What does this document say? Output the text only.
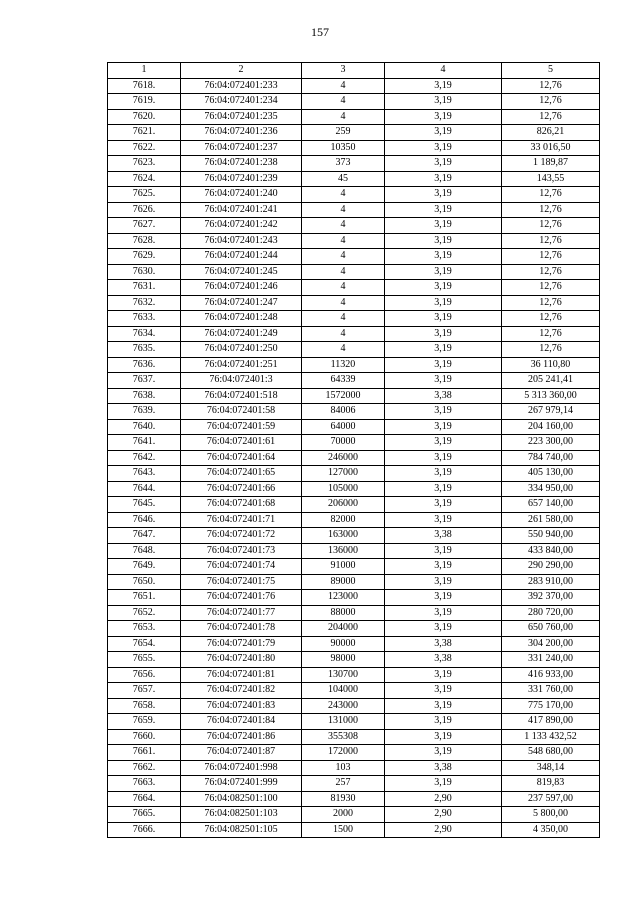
157
1	2	3	4	5
7618.	76:04:072401:233	4	3,19	12,76
7619.	76:04:072401:234	4	3,19	12,76
7620.	76:04:072401:235	4	3,19	12,76
7621.	76:04:072401:236	259	3,19	826,21
7622.	76:04:072401:237	10350	3,19	33 016,50
7623.	76:04:072401:238	373	3,19	1 189,87
7624.	76:04:072401:239	45	3,19	143,55
7625.	76:04:072401:240	4	3,19	12,76
7626.	76:04:072401:241	4	3,19	12,76
7627.	76:04:072401:242	4	3,19	12,76
7628.	76:04:072401:243	4	3,19	12,76
7629.	76:04:072401:244	4	3,19	12,76
7630.	76:04:072401:245	4	3,19	12,76
7631.	76:04:072401:246	4	3,19	12,76
7632.	76:04:072401:247	4	3,19	12,76
7633.	76:04:072401:248	4	3,19	12,76
7634.	76:04:072401:249	4	3,19	12,76
7635.	76:04:072401:250	4	3,19	12,76
7636.	76:04:072401:251	11320	3,19	36 110,80
7637.	76:04:072401:3	64339	3,19	205 241,41
7638.	76:04:072401:518	1572000	3,38	5 313 360,00
7639.	76:04:072401:58	84006	3,19	267 979,14
7640.	76:04:072401:59	64000	3,19	204 160,00
7641.	76:04:072401:61	70000	3,19	223 300,00
7642.	76:04:072401:64	246000	3,19	784 740,00
7643.	76:04:072401:65	127000	3,19	405 130,00
7644.	76:04:072401:66	105000	3,19	334 950,00
7645.	76:04:072401:68	206000	3,19	657 140,00
7646.	76:04:072401:71	82000	3,19	261 580,00
7647.	76:04:072401:72	163000	3,38	550 940,00
7648.	76:04:072401:73	136000	3,19	433 840,00
7649.	76:04:072401:74	91000	3,19	290 290,00
7650.	76:04:072401:75	89000	3,19	283 910,00
7651.	76:04:072401:76	123000	3,19	392 370,00
7652.	76:04:072401:77	88000	3,19	280 720,00
7653.	76:04:072401:78	204000	3,19	650 760,00
7654.	76:04:072401:79	90000	3,38	304 200,00
7655.	76:04:072401:80	98000	3,38	331 240,00
7656.	76:04:072401:81	130700	3,19	416 933,00
7657.	76:04:072401:82	104000	3,19	331 760,00
7658.	76:04:072401:83	243000	3,19	775 170,00
7659.	76:04:072401:84	131000	3,19	417 890,00
7660.	76:04:072401:86	355308	3,19	1 133 432,52
7661.	76:04:072401:87	172000	3,19	548 680,00
7662.	76:04:072401:998	103	3,38	348,14
7663.	76:04:072401:999	257	3,19	819,83
7664.	76:04:082501:100	81930	2,90	237 597,00
7665.	76:04:082501:103	2000	2,90	5 800,00
7666.	76:04:082501:105	1500	2,90	4 350,00
